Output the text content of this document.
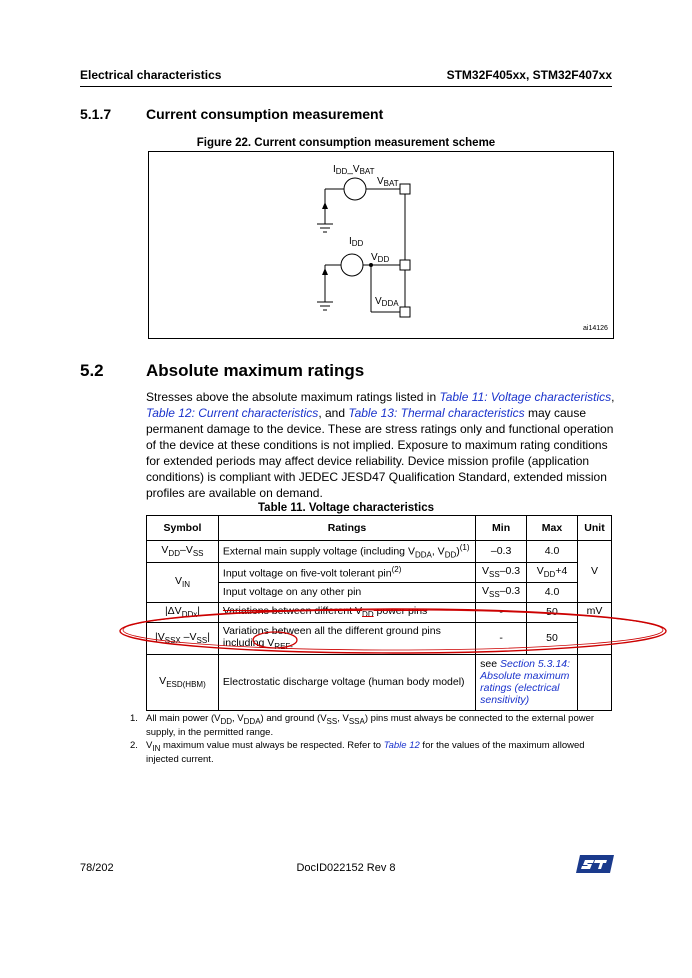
Electrical characteristics	STM32F405xx, STM32F407xx
5.1.7 Current consumption measurement
Figure 22. Current consumption measurement scheme
$I_{DD}\_V_{BAT}$
$V_{BAT}$
$I_{DD}$
$V_{DD}$
$V_{DDA}$
ai14126
5.2 Absolute maximum ratings
Stresses above the absolute maximum ratings listed in Table 11: Voltage characteristics, Table 12: Current characteristics, and Table 13: Thermal characteristics may cause permanent damage to the device. These are stress ratings only and functional operation of the device at these conditions is not implied. Exposure to maximum rating conditions for extended periods may affect device reliability. Device mission profile (application conditions) is compliant with JEDEC JESD47 Qualification Standard, extended mission profiles are available on demand.
Table 11. Voltage characteristics
Symbol	Ratings	Min	Max	Unit
$V_{DD}-V_{SS}$	External main supply voltage (including $V_{DDA}$, $V_{DD})^{(1)}$	–0.3	4.0	V
$V_{IN}$	Input voltage on five-volt tolerant pin$^{(2)}$	$V_{SS}-0.3$	$V_{DD}+4$	
	Input voltage on any other pin	$V_{SS}-0.3$	4.0	
$|\Delta V_{DDx}|$	Variations between different $V_{DD}$ power pins	-	50	mV
$|V_{SSX}$ $-V_{SS}|$	Variations between all the different ground pins including $V_{REF-}$	-	50	
$V_{ESD(HBM)}$	Electrostatic discharge voltage (human body model)	see Section 5.3.14: Absolute maximum ratings (electrical sensitivity)		
1. All main power ($V_{DD}$, $V_{DDA}$) and ground ($V_{SS}$, $V_{SSA}$) pins must always be connected to the external power supply, in the permitted range.
2. $V_{IN}$ maximum value must always be respected. Refer to Table 12 for the values of the maximum allowed injected current.
78/202	DocID022152 Rev 8
